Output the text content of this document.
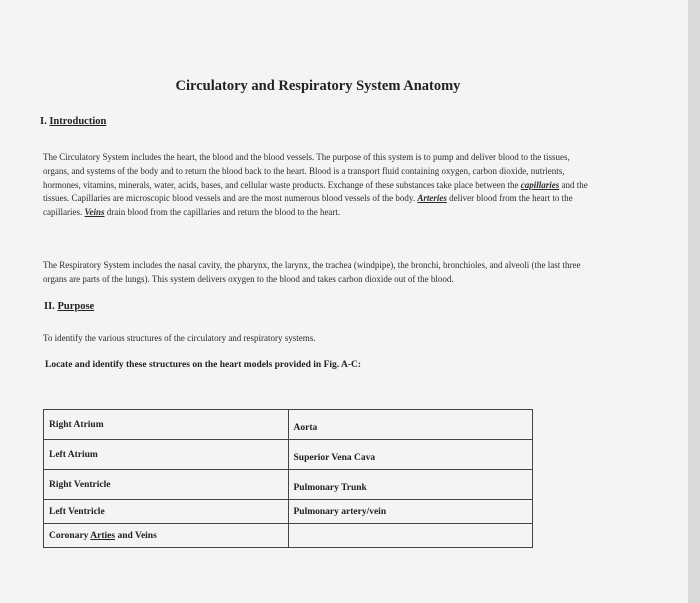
Circulatory and Respiratory System Anatomy
I. Introduction
The Circulatory System includes the heart, the blood and the blood vessels. The purpose of this system is to pump and deliver blood to the tissues, organs, and systems of the body and to return the blood back to the heart. Blood is a transport fluid containing oxygen, carbon dioxide, nutrients, hormones, vitamins, minerals, water, acids, bases, and cellular waste products. Exchange of these substances take place between the capillaries and the tissues. Capillaries are microscopic blood vessels and are the most numerous blood vessels of the body. Arteries deliver blood from the heart to the capillaries. Veins drain blood from the capillaries and return the blood to the heart.
The Respiratory System includes the nasal cavity, the pharynx, the larynx, the trachea (windpipe), the bronchi, bronchioles, and alveoli (the last three organs are parts of the lungs). This system delivers oxygen to the blood and takes carbon dioxide out of the blood.
II. Purpose
To identify the various structures of the circulatory and respiratory systems.
Locate and identify these structures on the heart models provided in Fig. A-C:
Right Atrium	Aorta
Left Atrium	Superior Vena Cava
Right Ventricle	Pulmonary Trunk
Left Ventricle	Pulmonary artery/vein
Coronary Arties and Veins	
